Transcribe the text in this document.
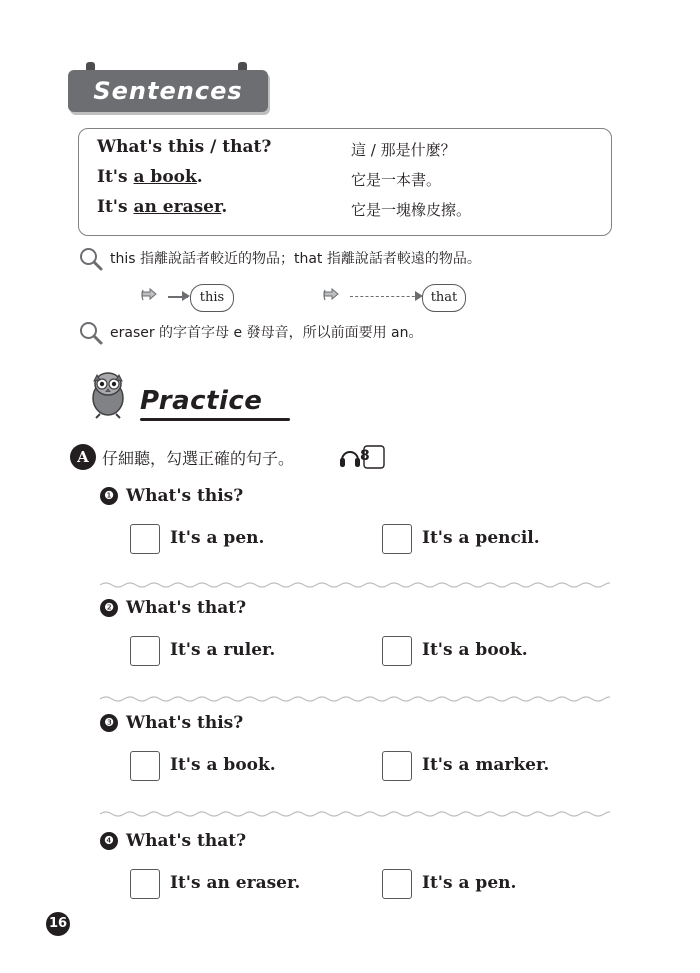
Sentences
What's this / that?	這 / 那是什麼？
It's a book.	它是一本書。
It's an eraser.	它是一塊橡皮擦。
this 指離說話者較近的物品；that 指離說話者較遠的物品。
this	that
eraser 的字首字母 e 發母音，所以前面要用 an。
Practice
A 仔細聽，勾選正確的句子。	8
❶ What's this?
It's a pen.	It's a pencil.
❷ What's that?
It's a ruler.	It's a book.
❸ What's this?
It's a book.	It's a marker.
❹ What's that?
It's an eraser.	It's a pen.
16
